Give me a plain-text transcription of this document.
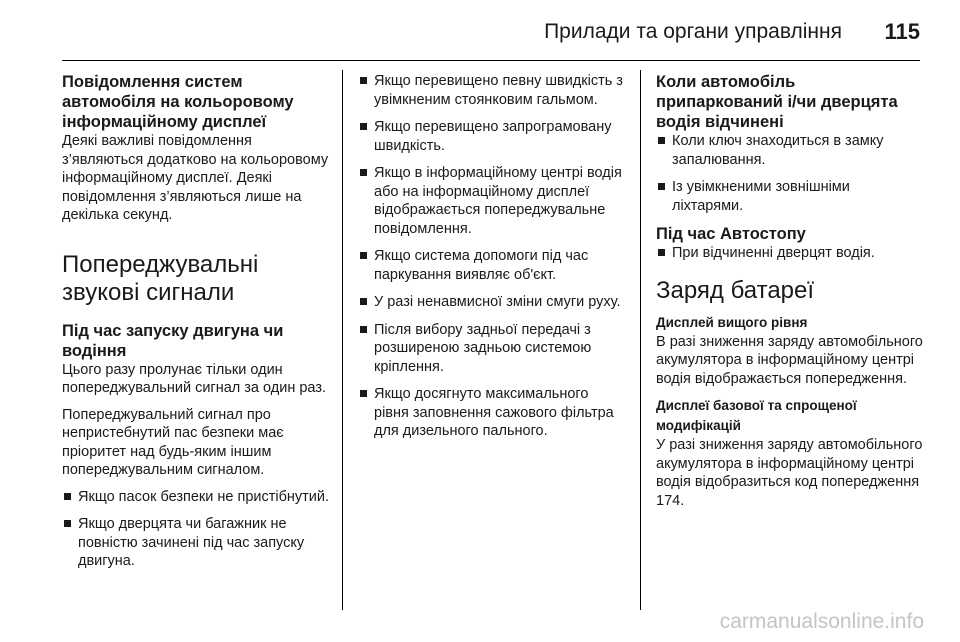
Прилади та органи управління 115
Повідомлення систем автомобіля на кольоровому інформаційному дисплеї
Деякі важливі повідомлення з’являються додатково на кольоровому інформаційному дисплеї. Деякі повідомлення з’являються лише на декілька секунд.
Попереджувальні звукові сигнали
Під час запуску двигуна чи водіння
Цього разу пролунає тільки один попереджувальний сигнал за один раз.
Попереджувальний сигнал про непристебнутий пас безпеки має пріоритет над будь-яким іншим попереджувальним сигналом.
Якщо пасок безпеки не пристібнутий.
Якщо дверцята чи багажник не повністю зачинені під час запуску двигуна.
Якщо перевищено певну швидкість з увімкненим стоянковим гальмом.
Якщо перевищено запрограмовану швидкість.
Якщо в інформаційному центрі водія або на інформаційному дисплеї відображається попереджувальне повідомлення.
Якщо система допомоги під час паркування виявляє об'єкт.
У разі ненавмисної зміни смуги руху.
Після вибору задньої передачі з розширеною задньою системою кріплення.
Якщо досягнуто максимального рівня заповнення сажового фільтра для дизельного пального.
Коли автомобіль припаркований і/чи дверцята водія відчинені
Коли ключ знаходиться в замку запалювання.
Із увімкненими зовнішніми ліхтарями.
Під час Автостопу
При відчиненні дверцят водія.
Заряд батареї
Дисплей вищого рівня
В разі зниження заряду автомобільного акумулятора в інформаційному центрі водія відображається попередження.
Дисплеї базової та спрощеної модифікацій
У разі зниження заряду автомобільного акумулятора в інформаційному центрі водія відобразиться код попередження 174.
carmanualsonline.info
